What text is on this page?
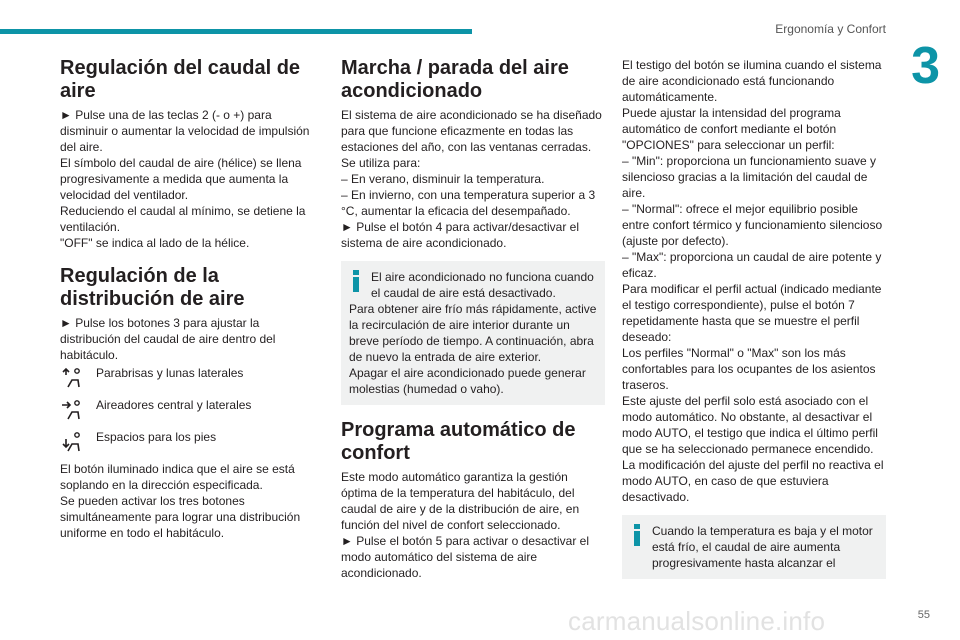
Ergonomía y Confort
3
Regulación del caudal de aire

► Pulse una de las teclas 2 (- o +) para disminuir o aumentar la velocidad de impulsión del aire.

El símbolo del caudal de aire (hélice) se llena progresivamente a medida que aumenta la velocidad del ventilador.

Reduciendo el caudal al mínimo, se detiene la ventilación.

"OFF" se indica al lado de la hélice.

Regulación de la distribución de aire

► Pulse los botones 3 para ajustar la distribución del caudal de aire dentro del habitáculo.

Parabrisas y lunas laterales
Aireadores central y laterales
Espacios para los pies

El botón iluminado indica que el aire se está soplando en la dirección especificada.

Se pueden activar los tres botones simultáneamente para lograr una distribución uniforme en todo el habitáculo.

Marcha / parada del aire acondicionado

El sistema de aire acondicionado se ha diseñado para que funcione eficazmente en todas las estaciones del año, con las ventanas cerradas.

Se utiliza para:

– En verano, disminuir la temperatura.

– En invierno, con una temperatura superior a 3 °C, aumentar la eficacia del desempañado.

► Pulse el botón 4 para activar/desactivar el sistema de aire acondicionado.

El aire acondicionado no funciona cuando el caudal de aire está desactivado.

Para obtener aire frío más rápidamente, active la recirculación de aire interior durante un breve período de tiempo. A continuación, abra de nuevo la entrada de aire exterior.

Apagar el aire acondicionado puede generar molestias (humedad o vaho).

Programa automático de confort

Este modo automático garantiza la gestión óptima de la temperatura del habitáculo, del caudal de aire y de la distribución de aire, en función del nivel de confort seleccionado.

► Pulse el botón 5 para activar o desactivar el modo automático del sistema de aire acondicionado.

El testigo del botón se ilumina cuando el sistema de aire acondicionado está funcionando automáticamente.

Puede ajustar la intensidad del programa automático de confort mediante el botón "OPCIONES" para seleccionar un perfil:

– "Min": proporciona un funcionamiento suave y silencioso gracias a la limitación del caudal de aire.

– "Normal": ofrece el mejor equilibrio posible entre confort térmico y funcionamiento silencioso (ajuste por defecto).

– "Max": proporciona un caudal de aire potente y eficaz.

Para modificar el perfil actual (indicado mediante el testigo correspondiente), pulse el botón 7 repetidamente hasta que se muestre el perfil deseado:

Los perfiles "Normal" o "Max" son los más confortables para los ocupantes de los asientos traseros.

Este ajuste del perfil solo está asociado con el modo automático. No obstante, al desactivar el modo AUTO, el testigo que indica el último perfil que se ha seleccionado permanece encendido.

La modificación del ajuste del perfil no reactiva el modo AUTO, en caso de que estuviera desactivado.

Cuando la temperatura es baja y el motor está frío, el caudal de aire aumenta progresivamente hasta alcanzar el

carmanualsonline.info	55
